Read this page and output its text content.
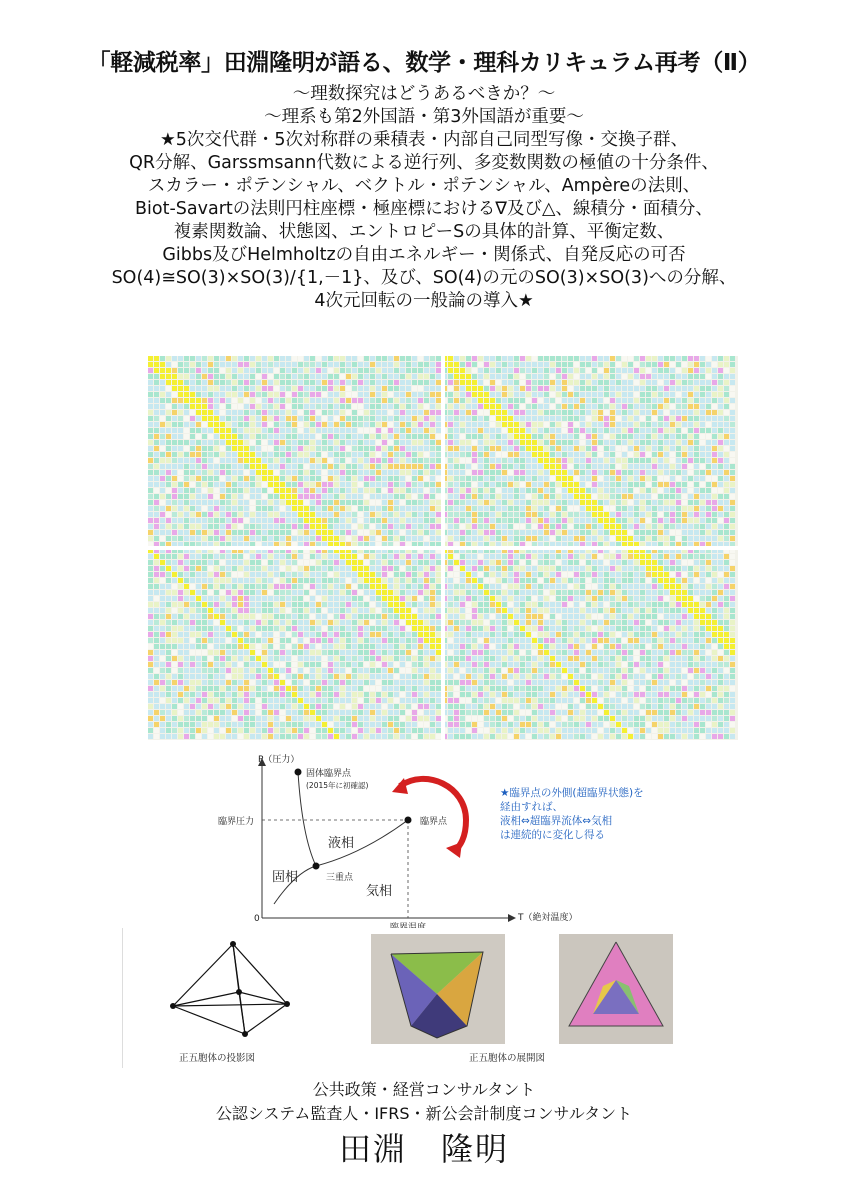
「軽減税率」田淵隆明が語る、数学・理科カリキュラム再考（Ⅱ）
～理数探究はどうあるべきか？～
～理系も第2外国語・第3外国語が重要～
★5次交代群・5次対称群の乗積表・内部自己同型写像・交換子群、
QR分解、Garssmsann代数による逆行列、多変数関数の極値の十分条件、
スカラー・ポテンシャル、ベクトル・ポテンシャル、Ampèreの法則、
Biot-Savartの法則円柱座標・極座標における∇及び△、線積分・面積分、
複素関数論、状態図、エントロピーSの具体的計算、平衡定数、
Gibbs及びHelmholtzの自由エネルギー・関係式、自発反応の可否
SO(4)≅SO(3)×SO(3)/{1,－1}、及び、SO(4)の元のSO(3)×SO(3)への分解、
4次元回転の一般論の導入★
P（圧力）
T（絶対温度）
0
臨界圧力	臨界点
三重点
固体臨界点
(2015年に初確認)
液相
固相
気相
★臨界点の外側(超臨界状態)を
経由すれば、
液相⇔超臨界流体⇔気相
は連続的に変化し得る
正五胞体の投影図	正五胞体の展開図
公共政策・経営コンサルタント
公認システム監査人・IFRS・新公会計制度コンサルタント
田淵　隆明
